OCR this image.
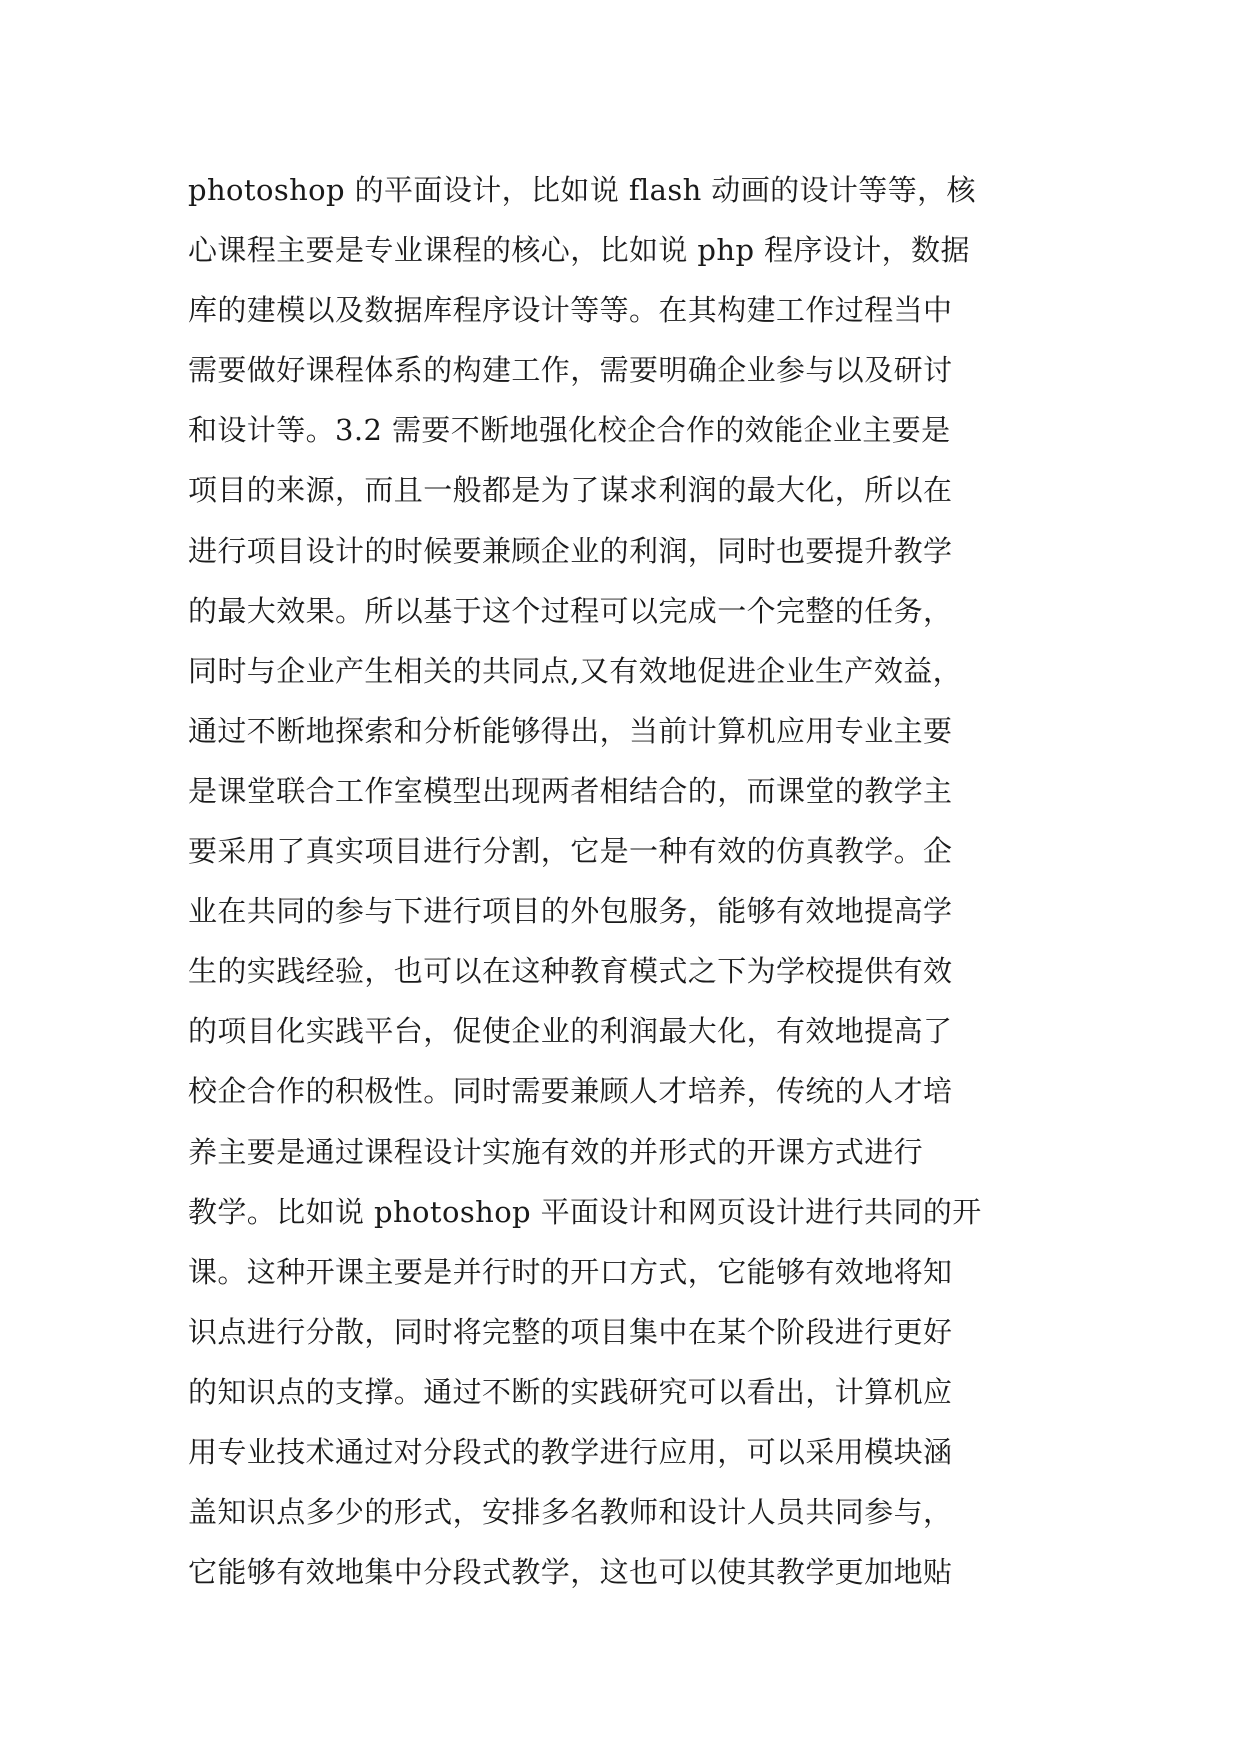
photoshop 的平面设计，比如说 flash 动画的设计等等，核
心课程主要是专业课程的核心，比如说 php 程序设计，数据
库的建模以及数据库程序设计等等。在其构建工作过程当中
需要做好课程体系的构建工作，需要明确企业参与以及研讨
和设计等。3.2 需要不断地强化校企合作的效能企业主要是
项目的来源，而且一般都是为了谋求利润的最大化，所以在
进行项目设计的时候要兼顾企业的利润，同时也要提升教学
的最大效果。所以基于这个过程可以完成一个完整的任务，
同时与企业产生相关的共同点,又有效地促进企业生产效益，
通过不断地探索和分析能够得出，当前计算机应用专业主要
是课堂联合工作室模型出现两者相结合的，而课堂的教学主
要采用了真实项目进行分割，它是一种有效的仿真教学。企
业在共同的参与下进行项目的外包服务，能够有效地提高学
生的实践经验，也可以在这种教育模式之下为学校提供有效
的项目化实践平台，促使企业的利润最大化，有效地提高了
校企合作的积极性。同时需要兼顾人才培养，传统的人才培
养主要是通过课程设计实施有效的并形式的开课方式进行
教学。比如说 photoshop 平面设计和网页设计进行共同的开
课。这种开课主要是并行时的开口方式，它能够有效地将知
识点进行分散，同时将完整的项目集中在某个阶段进行更好
的知识点的支撑。通过不断的实践研究可以看出，计算机应
用专业技术通过对分段式的教学进行应用，可以采用模块涵
盖知识点多少的形式，安排多名教师和设计人员共同参与，
它能够有效地集中分段式教学，这也可以使其教学更加地贴
